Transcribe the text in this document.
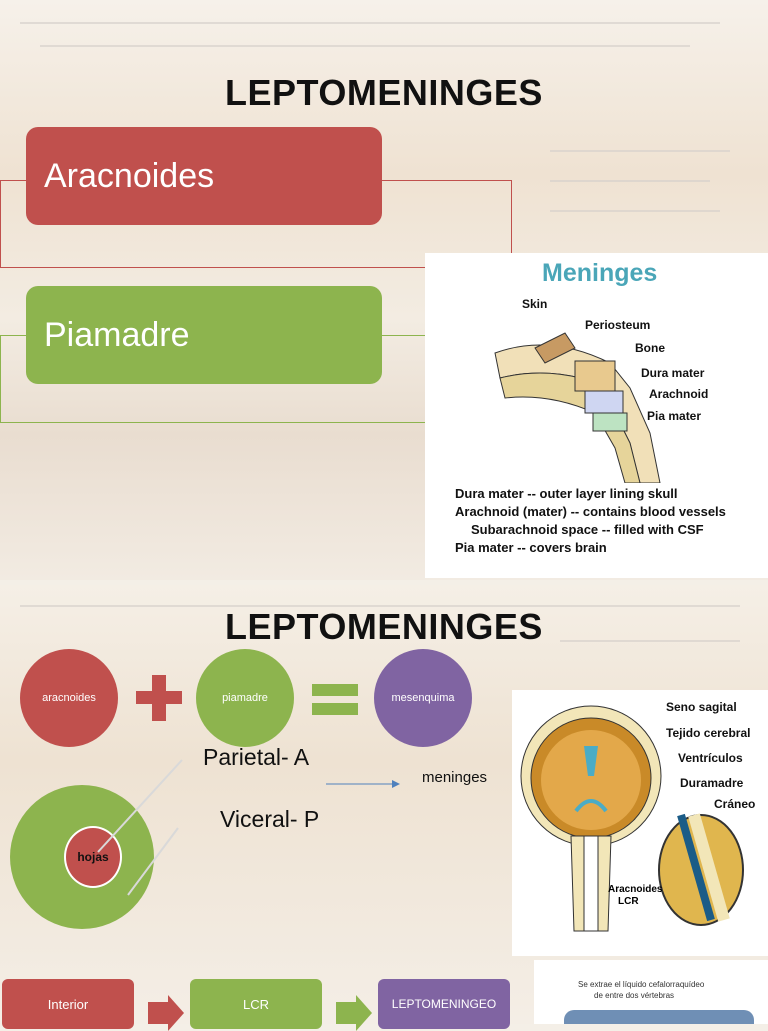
LEPTOMENINGES
Aracnoides
Piamadre
Meninges
Skin
Periosteum
Bone
Dura mater
Arachnoid
Pia mater
Dura mater -- outer layer lining skull
Arachnoid (mater) -- contains blood vessels
Subarachnoid space -- filled with CSF
Pia mater -- covers brain
LEPTOMENINGES
aracnoides	piamadre	mesenquima
hojas
Parietal- A
Viceral- P
meninges
Seno sagital
Tejido cerebral
Ventrículos
Duramadre
Cráneo
Aracnoides
LCR
Interior	LCR	LEPTOMENINGEO
Se extrae el líquido cefalorraquídeo
de entre dos vértebras
